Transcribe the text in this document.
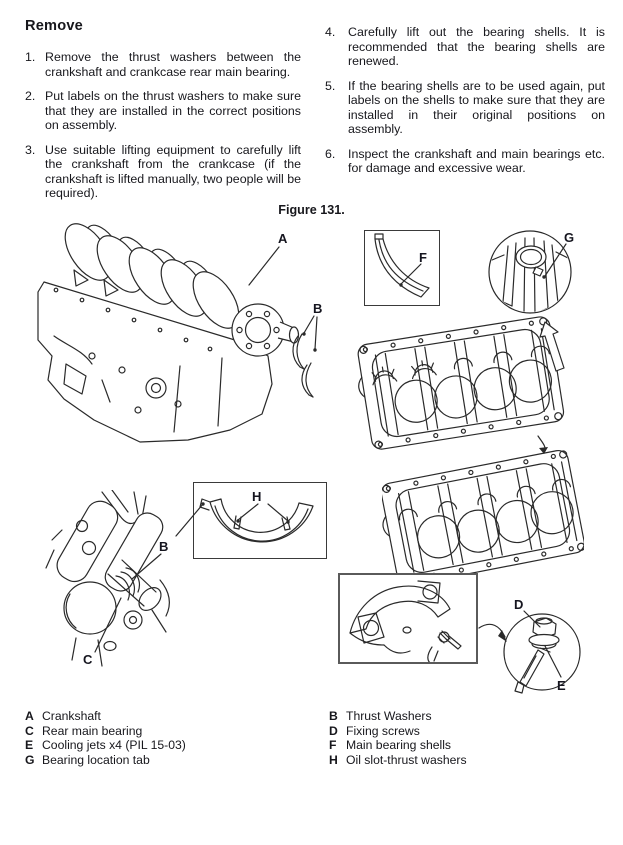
Remove
1. Remove the thrust washers between the crankshaft and crankcase rear main bearing.
2. Put labels on the thrust washers to make sure that they are installed in the correct positions on assembly.
3. Use suitable lifting equipment to carefully lift the crankshaft from the crankcase (if the crankshaft is lifted manually, two people will be required).
4.	Carefully lift out the bearing shells. It is recommended that the bearing shells are renewed.
5.	If the bearing shells are to be used again, put labels on the shells to make sure that they are installed in their original positions on assembly.
6.	Inspect the crankshaft and main bearings etc. for damage and excessive wear.
Figure 131.
A
B
F
G
H
B
C
D
E
A Crankshaft
C Rear main bearing
E Cooling jets x4 (PIL 15-03)
G Bearing location tab
B Thrust Washers
D Fixing screws
F Main bearing shells
H Oil slot-thrust washers
